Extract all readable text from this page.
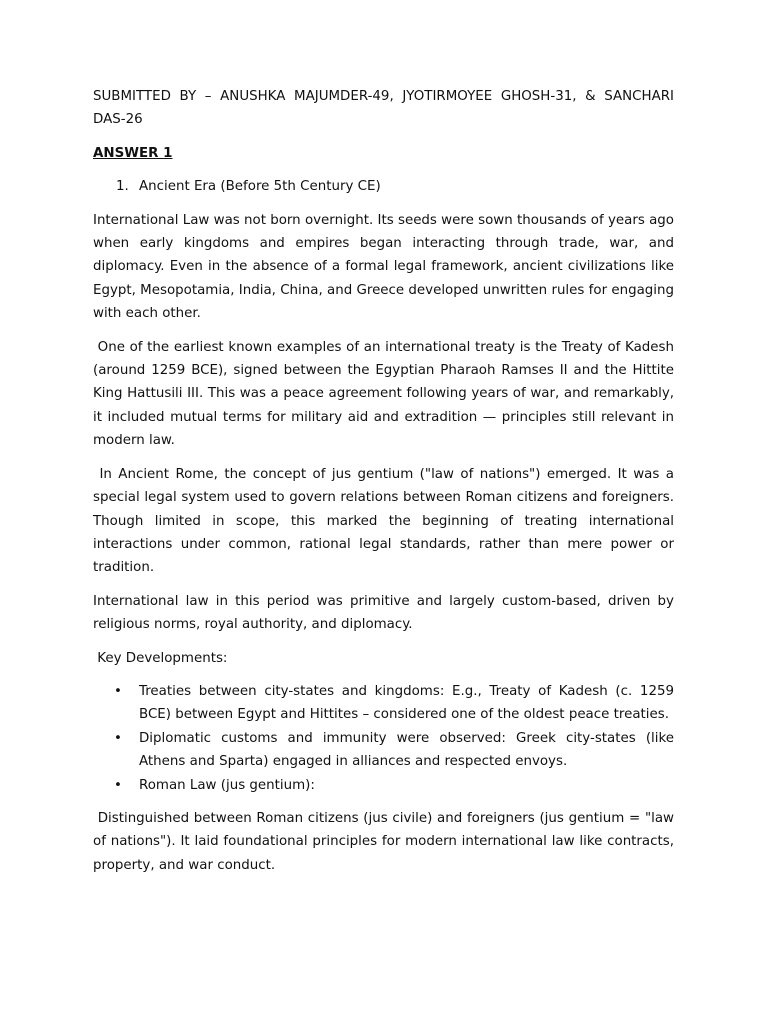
SUBMITTED BY – ANUSHKA MAJUMDER-49, JYOTIRMOYEE GHOSH-31, & SANCHARI DAS-26
ANSWER 1
1. Ancient Era (Before 5th Century CE)

International Law was not born overnight. Its seeds were sown thousands of years ago when early kingdoms and empires began interacting through trade, war, and diplomacy. Even in the absence of a formal legal framework, ancient civilizations like Egypt, Mesopotamia, India, China, and Greece developed unwritten rules for engaging with each other.

One of the earliest known examples of an international treaty is the Treaty of Kadesh (around 1259 BCE), signed between the Egyptian Pharaoh Ramses II and the Hittite King Hattusili III. This was a peace agreement following years of war, and remarkably, it included mutual terms for military aid and extradition — principles still relevant in modern law.

In Ancient Rome, the concept of jus gentium ("law of nations") emerged. It was a special legal system used to govern relations between Roman citizens and foreigners. Though limited in scope, this marked the beginning of treating international interactions under common, rational legal standards, rather than mere power or tradition.

International law in this period was primitive and largely custom-based, driven by religious norms, royal authority, and diplomacy.

Key Developments:

• Treaties between city-states and kingdoms: E.g., Treaty of Kadesh (c. 1259 BCE) between Egypt and Hittites – considered one of the oldest peace treaties.
• Diplomatic customs and immunity were observed: Greek city-states (like Athens and Sparta) engaged in alliances and respected envoys.
• Roman Law (jus gentium):

Distinguished between Roman citizens (jus civile) and foreigners (jus gentium = "law of nations"). It laid foundational principles for modern international law like contracts, property, and war conduct.
